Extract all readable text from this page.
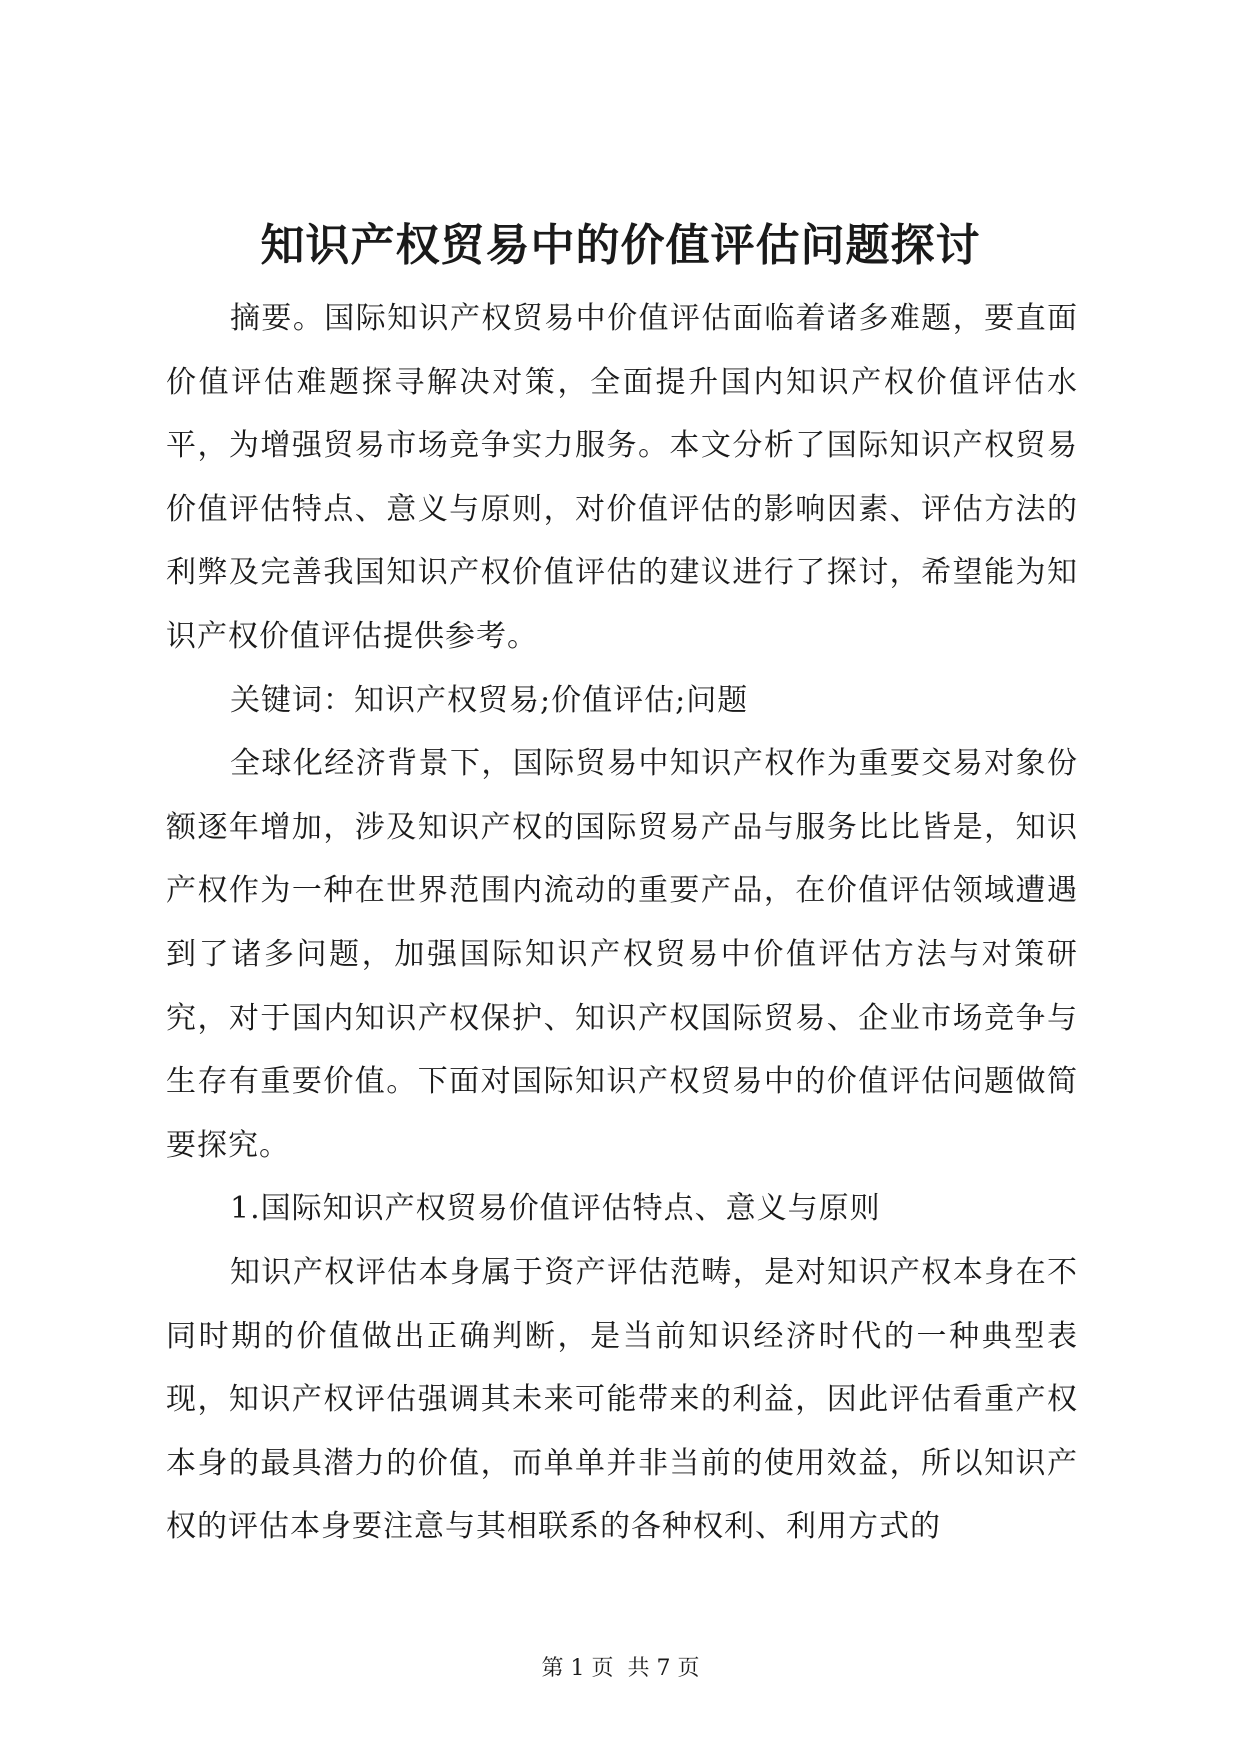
知识产权贸易中的价值评估问题探讨

摘要。国际知识产权贸易中价值评估面临着诸多难题，要直面价值评估难题探寻解决对策，全面提升国内知识产权价值评估水平，为增强贸易市场竞争实力服务。本文分析了国际知识产权贸易价值评估特点、意义与原则，对价值评估的影响因素、评估方法的利弊及完善我国知识产权价值评估的建议进行了探讨，希望能为知识产权价值评估提供参考。

关键词：知识产权贸易;价值评估;问题

全球化经济背景下，国际贸易中知识产权作为重要交易对象份额逐年增加，涉及知识产权的国际贸易产品与服务比比皆是，知识产权作为一种在世界范围内流动的重要产品，在价值评估领域遭遇到了诸多问题，加强国际知识产权贸易中价值评估方法与对策研究，对于国内知识产权保护、知识产权国际贸易、企业市场竞争与生存有重要价值。下面对国际知识产权贸易中的价值评估问题做简要探究。

1.国际知识产权贸易价值评估特点、意义与原则

知识产权评估本身属于资产评估范畴，是对知识产权本身在不同时期的价值做出正确判断，是当前知识经济时代的一种典型表现，知识产权评估强调其未来可能带来的利益，因此评估看重产权本身的最具潜力的价值，而单单并非当前的使用效益，所以知识产权的评估本身要注意与其相联系的各种权利、利用方式的

第 1 页 共 7 页
